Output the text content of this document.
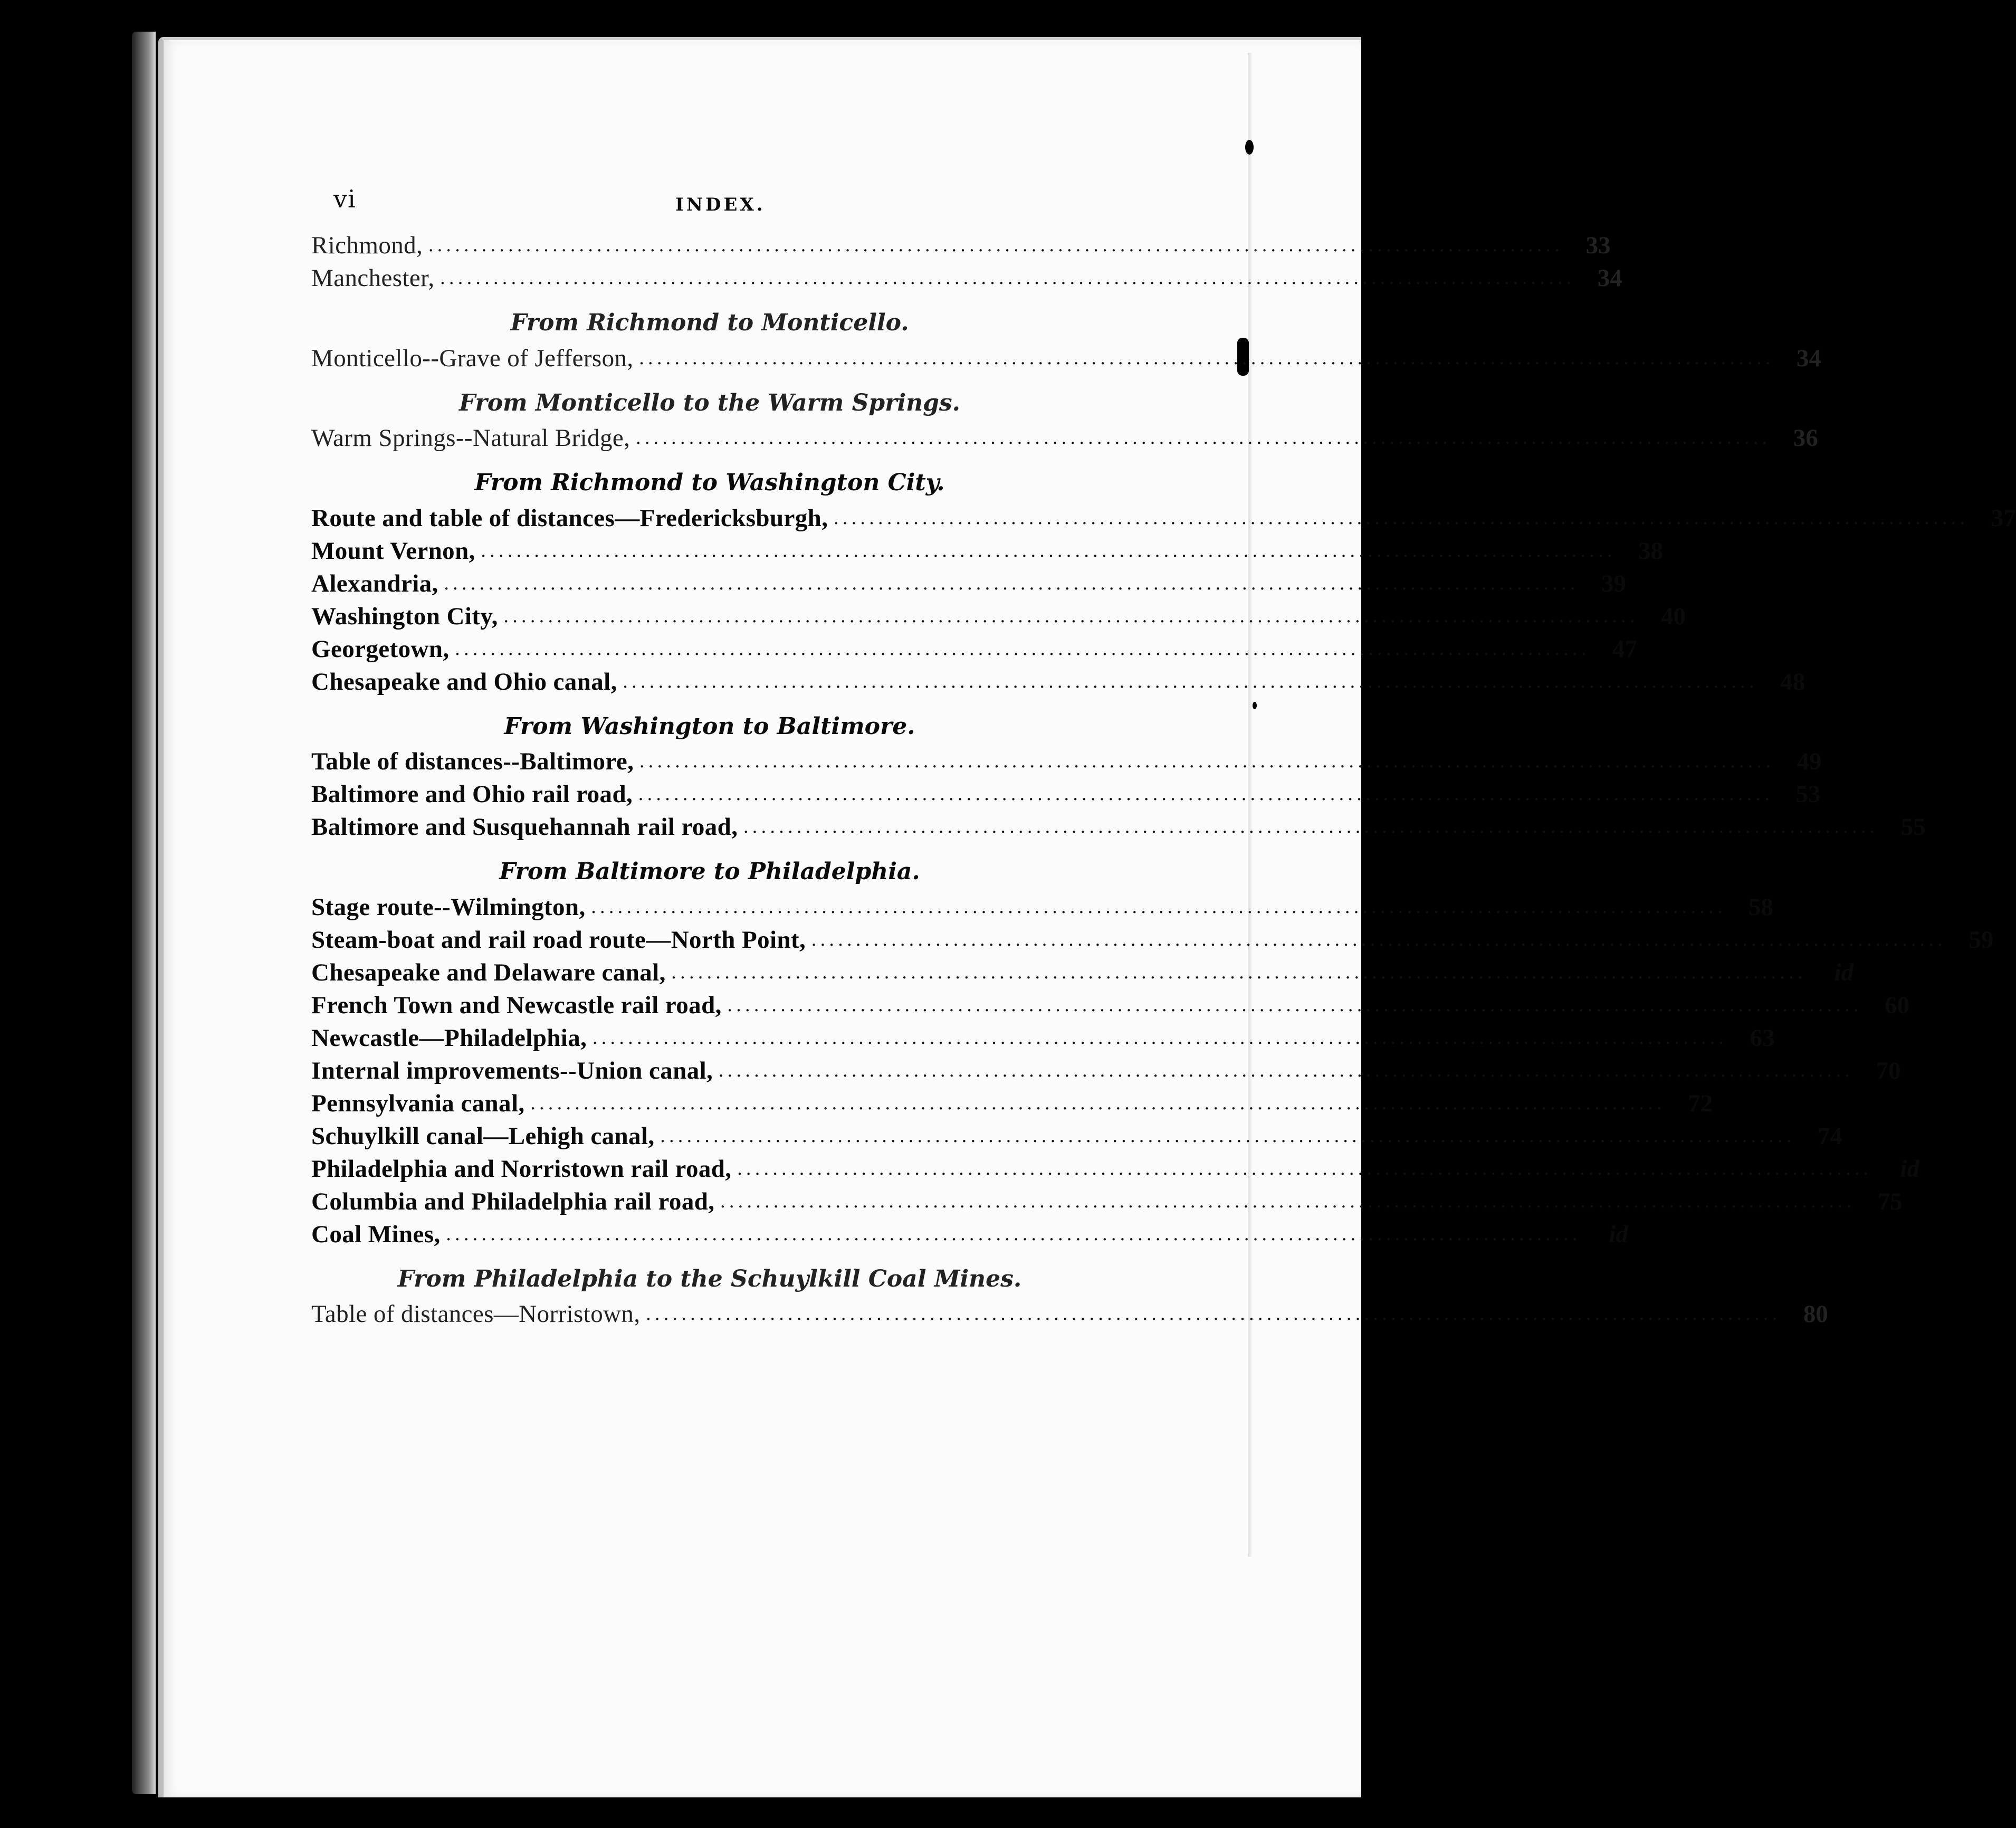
vi	INDEX.
Richmond, ................................................................................................................................ 33
Manchester, ................................................................................................................................ 34
From Richmond to Monticello.
Monticello--Grave of Jefferson, ................................................................................................................................ 34
From Monticello to the Warm Springs.
Warm Springs--Natural Bridge, ................................................................................................................................ 36
From Richmond to Washington City.
Route and table of distances—Fredericksburgh, ................................................................................................................................ 37
Mount Vernon, ................................................................................................................................ 38
Alexandria, ................................................................................................................................ 39
Washington City, ................................................................................................................................ 40
Georgetown, ................................................................................................................................ 47
Chesapeake and Ohio canal, ................................................................................................................................ 48
From Washington to Baltimore.
Table of distances--Baltimore, ................................................................................................................................ 49
Baltimore and Ohio rail road, ................................................................................................................................ 53
Baltimore and Susquehannah rail road, ................................................................................................................................ 55
From Baltimore to Philadelphia.
Stage route--Wilmington, ................................................................................................................................ 58
Steam-boat and rail road route—North Point, ................................................................................................................................ 59
Chesapeake and Delaware canal, ................................................................................................................................	id
French Town and Newcastle rail road, ................................................................................................................................ 60
Newcastle—Philadelphia, ................................................................................................................................ 63
Internal improvements--Union canal, ................................................................................................................................ 70
Pennsylvania canal, ................................................................................................................................ 72
Schuylkill canal—Lehigh canal, ................................................................................................................................ 74
Philadelphia and Norristown rail road, ................................................................................................................................	id
Columbia and Philadelphia rail road, ................................................................................................................................ 75
Coal Mines, ................................................................................................................................	id
From Philadelphia to the Schuylkill Coal Mines.
Table of distances—Norristown, ................................................................................................................................ 80
